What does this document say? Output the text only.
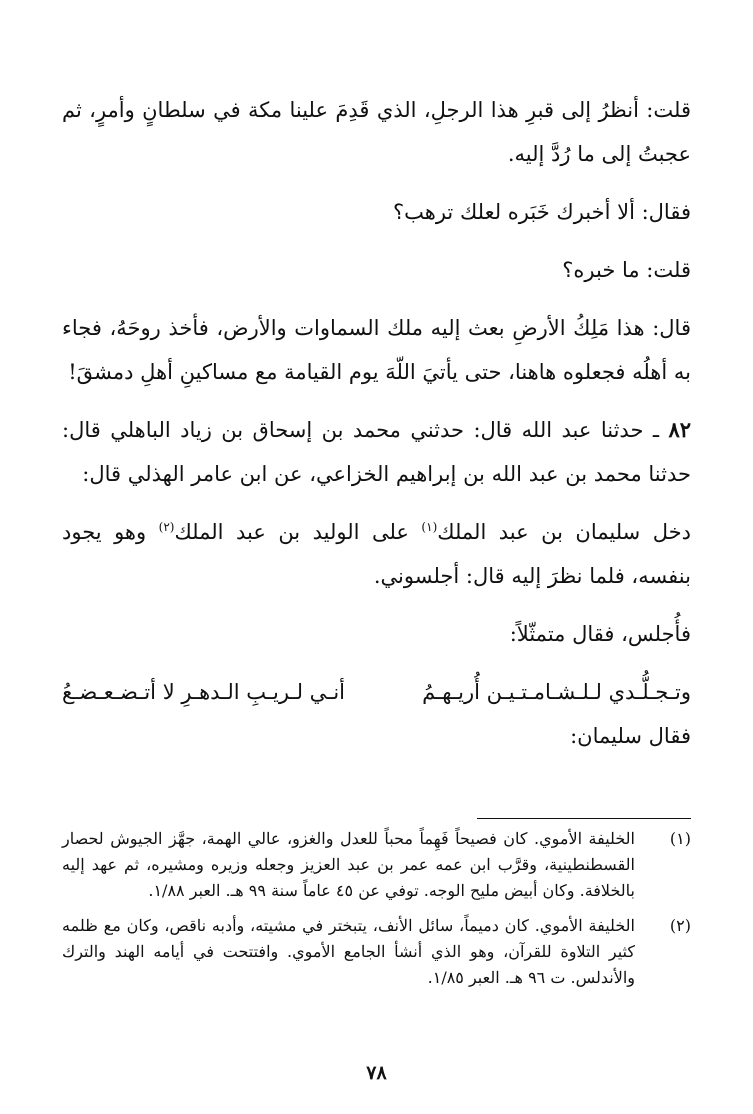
قلت: أنظرُ إلى قبرِ هذا الرجلِ، الذي قَدِمَ علينا مكة في سلطانٍ وأمرٍ، ثم عجبتُ إلى ما رُدَّ إليه.

فقال: ألا أخبرك خَبَره لعلك ترهب؟

قلت: ما خبره؟

قال: هذا مَلِكُ الأرضِ بعث إليه ملك السماوات والأرض، فأخذ روحَهُ، فجاء به أهلُه فجعلوه هاهنا، حتى يأتيَ اللّهَ يوم القيامة مع مساكينِ أهلِ دمشقَ!

٨٢ ـ حدثنا عبد الله قال: حدثني محمد بن إسحاق بن زياد الباهلي قال: حدثنا محمد بن عبد الله بن إبراهيم الخزاعي، عن ابن عامر الهذلي قال:

دخل سليمان بن عبد الملك$^{(١)}$ على الوليد بن عبد الملك$^{(٢)}$ وهو يجود بنفسه، فلما نظرَ إليه قال: أجلسوني.

فأُجلس، فقال متمثّلاً:

وتـجـلُّـدي لـلـشـامـتـيـن أُريـهـمُ
أنـي لـريـبِ الـدهـرِ لا أتـضـعـضـعُ

فقال سليمان:

(١)
الخليفة الأموي. كان فصيحاً فَهِماً محباً للعدل والغزو، عالي الهمة، جهَّز الجيوش لحصار القسطنطينية، وقرَّب ابن عمه عمر بن عبد العزيز وجعله وزيره ومشيره، ثم عهد إليه بالخلافة. وكان أبيض مليح الوجه. توفي عن ٤٥ عاماً سنة ٩٩ هـ. العبر ١/٨٨.
(٢)
الخليفة الأموي. كان دميماً، سائل الأنف، يتبختر في مشيته، وأدبه ناقص، وكان مع ظلمه كثير التلاوة للقرآن، وهو الذي أنشأ الجامع الأموي. وافتتحت في أيامه الهند والترك والأندلس. ت ٩٦ هـ. العبر ١/٨٥.
٧٨
